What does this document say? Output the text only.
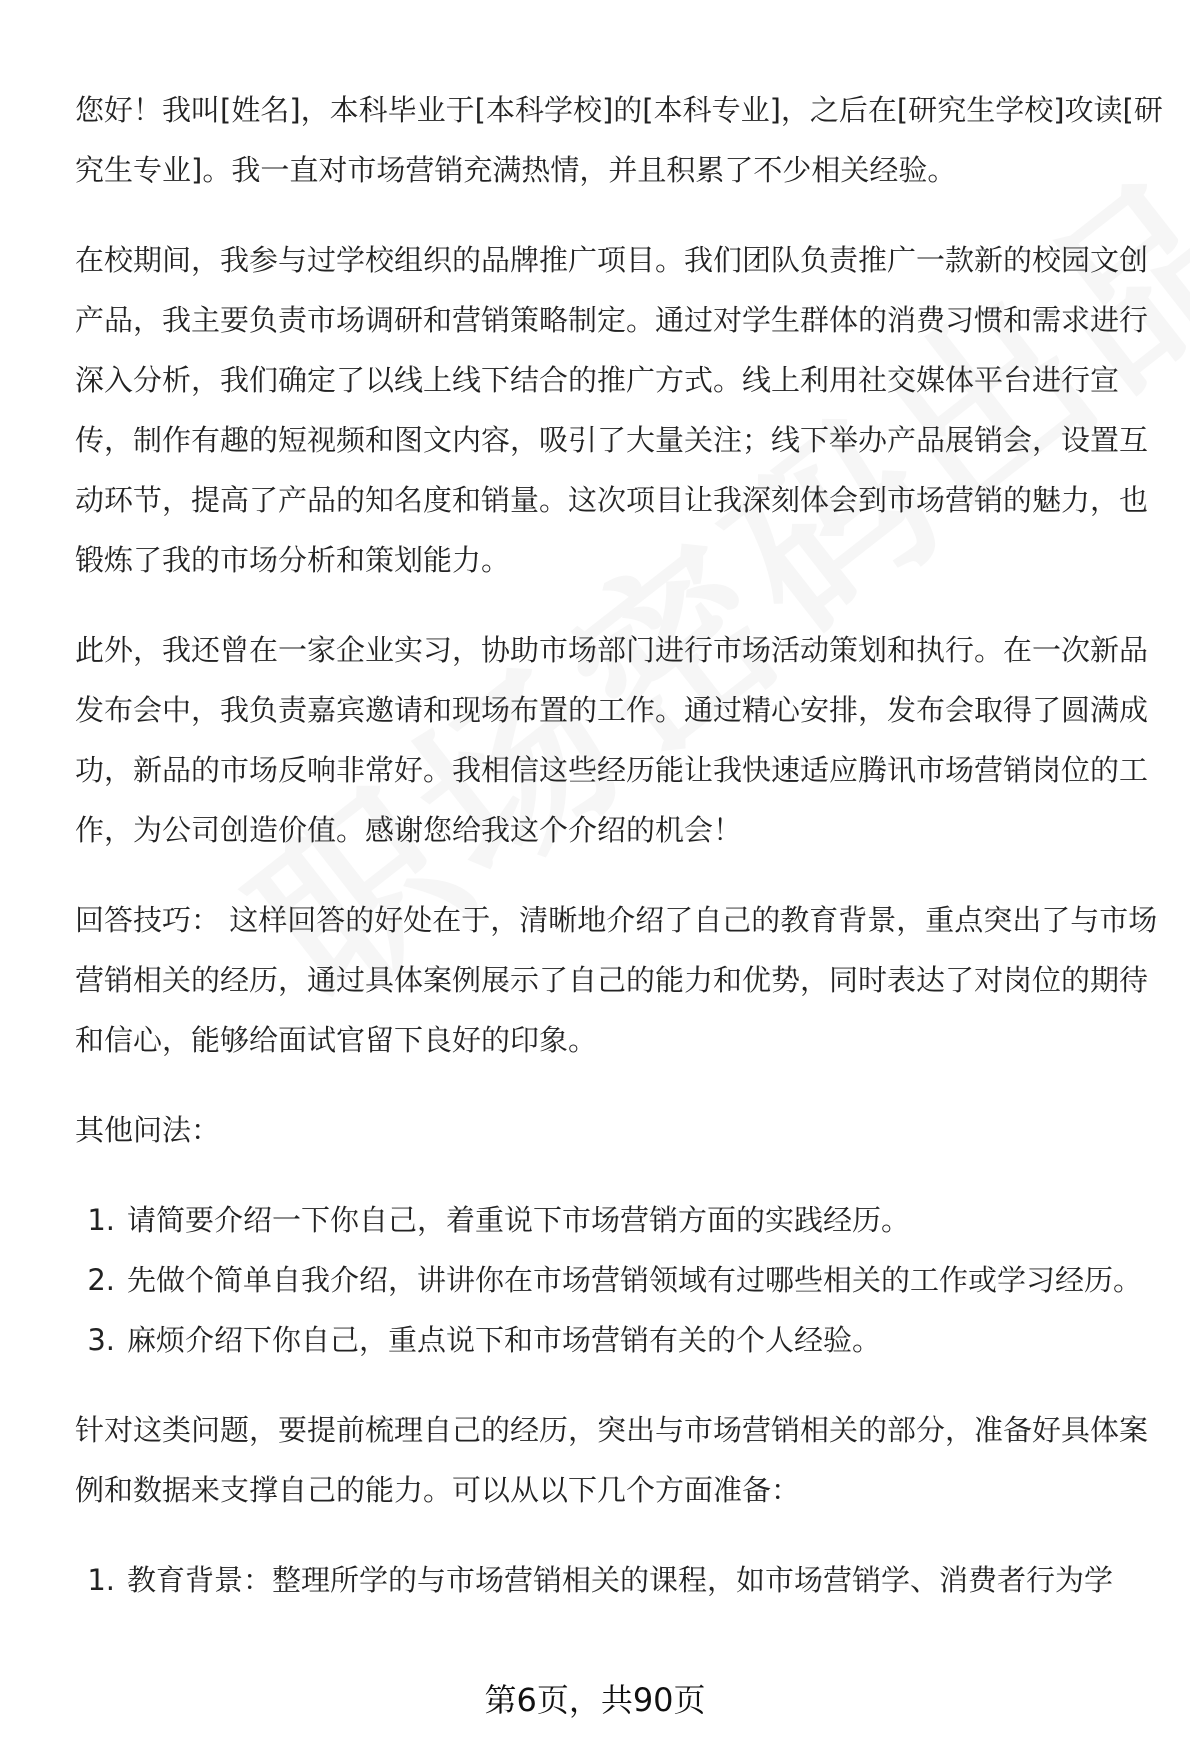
您好！我叫[姓名]，本科毕业于[本科学校]的[本科专业]，之后在[研究生学校]攻读[研究生专业]。我一直对市场营销充满热情，并且积累了不少相关经验。

在校期间，我参与过学校组织的品牌推广项目。我们团队负责推广一款新的校园文创产品，我主要负责市场调研和营销策略制定。通过对学生群体的消费习惯和需求进行深入分析，我们确定了以线上线下结合的推广方式。线上利用社交媒体平台进行宣传，制作有趣的短视频和图文内容，吸引了大量关注；线下举办产品展销会，设置互动环节，提高了产品的知名度和销量。这次项目让我深刻体会到市场营销的魅力，也锻炼了我的市场分析和策划能力。

此外，我还曾在一家企业实习，协助市场部门进行市场活动策划和执行。在一次新品发布会中，我负责嘉宾邀请和现场布置的工作。通过精心安排，发布会取得了圆满成功，新品的市场反响非常好。我相信这些经历能让我快速适应腾讯市场营销岗位的工作，为公司创造价值。感谢您给我这个介绍的机会！

回答技巧： 这样回答的好处在于，清晰地介绍了自己的教育背景，重点突出了与市场营销相关的经历，通过具体案例展示了自己的能力和优势，同时表达了对岗位的期待和信心，能够给面试官留下良好的印象。

其他问法：

1. 请简要介绍一下你自己，着重说下市场营销方面的实践经历。
2. 先做个简单自我介绍，讲讲你在市场营销领域有过哪些相关的工作或学习经历。
3. 麻烦介绍下你自己，重点说下和市场营销有关的个人经验。

针对这类问题，要提前梳理自己的经历，突出与市场营销相关的部分，准备好具体案例和数据来支撑自己的能力。可以从以下几个方面准备：

1. 教育背景：整理所学的与市场营销相关的课程，如市场营销学、消费者行为学
第6页，共90页
